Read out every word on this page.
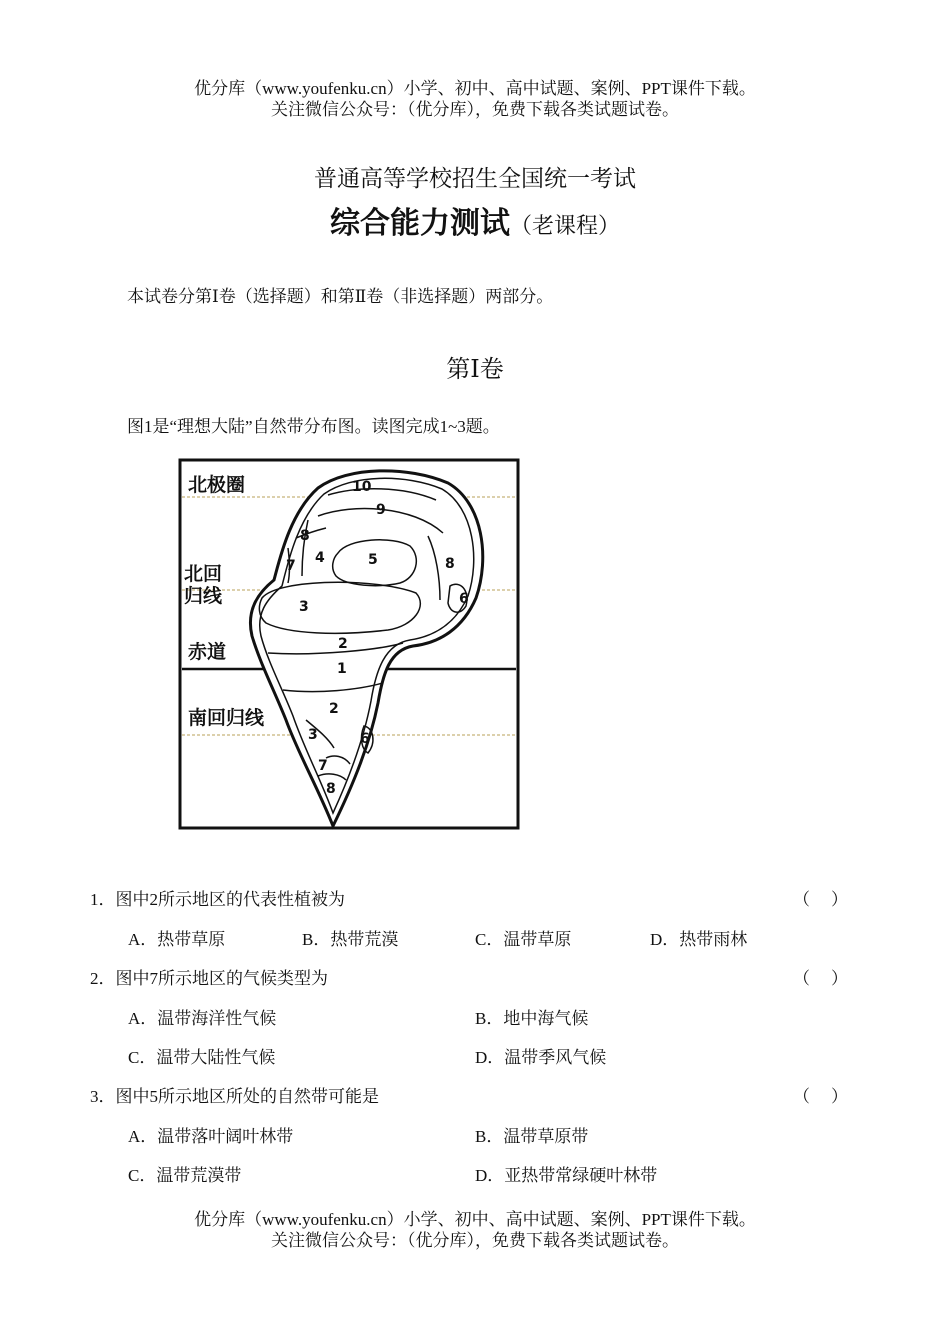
优分库（www.youfenku.cn）小学、初中、高中试题、案例、PPT课件下载。
关注微信公众号：（优分库），免费下载各类试题试卷。
普通高等学校招生全国统一考试
综合能力测试（老课程）
本试卷分第Ⅰ卷（选择题）和第Ⅱ卷（非选择题）两部分。
第Ⅰ卷
图1是“理想大陆”自然带分布图。读图完成1~3题。
北极圈
北回
归线
赤道
南回归线
10
9
8
7 4	5	8
6
3
2
1
2
3	6
7
8
1．图中2所示地区的代表性植被为	（　）
A．热带草原	B．热带荒漠	C．温带草原	D．热带雨林
2．图中7所示地区的气候类型为	（　）
A．温带海洋性气候	B．地中海气候
C．温带大陆性气候	D．温带季风气候
3．图中5所示地区所处的自然带可能是	（　）
A．温带落叶阔叶林带	B．温带草原带
C．温带荒漠带	D．亚热带常绿硬叶林带
优分库（www.youfenku.cn）小学、初中、高中试题、案例、PPT课件下载。
关注微信公众号：（优分库），免费下载各类试题试卷。
